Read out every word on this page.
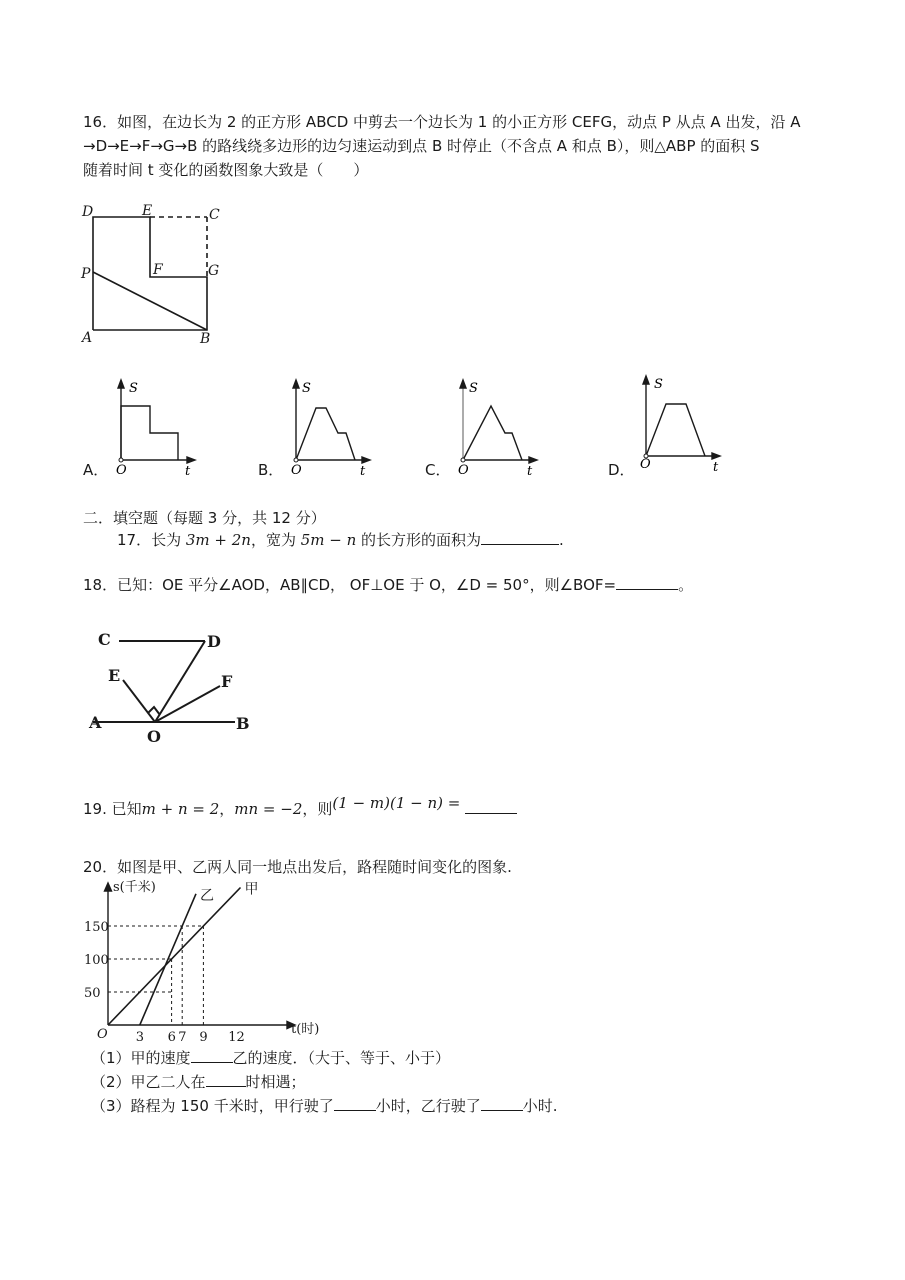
16．如图，在边长为 2 的正方形 ABCD 中剪去一个边长为 1 的小正方形 CEFG，动点 P 从点 A 出发，沿 A
→D→E→F→G→B 的路线绕多边形的边匀速运动到点 B 时停止（不含点 A 和点 B），则△ABP 的面积 S
随着时间 t 变化的函数图象大致是（　　）
D	E	C
P	F	G
A	B
A．
S
O	t	B．
S
O	t	C．
S
O	t	D．
S
O	t
二．填空题（每题 3 分，共 12 分）
17．长为 3m + 2n，宽为 5m − n 的长方形的面积为	.
18．已知：OE 平分∠AOD，AB∥CD， OF⊥OE 于 O，∠D = 50°，则∠BOF=	。
C	D
E	F
A
O
B
19. 已知m + n = 2，mn = −2，则(1 − m)(1 − n) =
20．如图是甲、乙两人同一地点出发后，路程随时间变化的图象.
3 6 7 9 12
50
100
150
s(千米)
t(时)
O
甲
乙
（1）甲的速度	乙的速度．（大于、等于、小于）
（2）甲乙二人在	时相遇；
（3）路程为 150 千米时，甲行驶了	小时，乙行驶了	小时.
